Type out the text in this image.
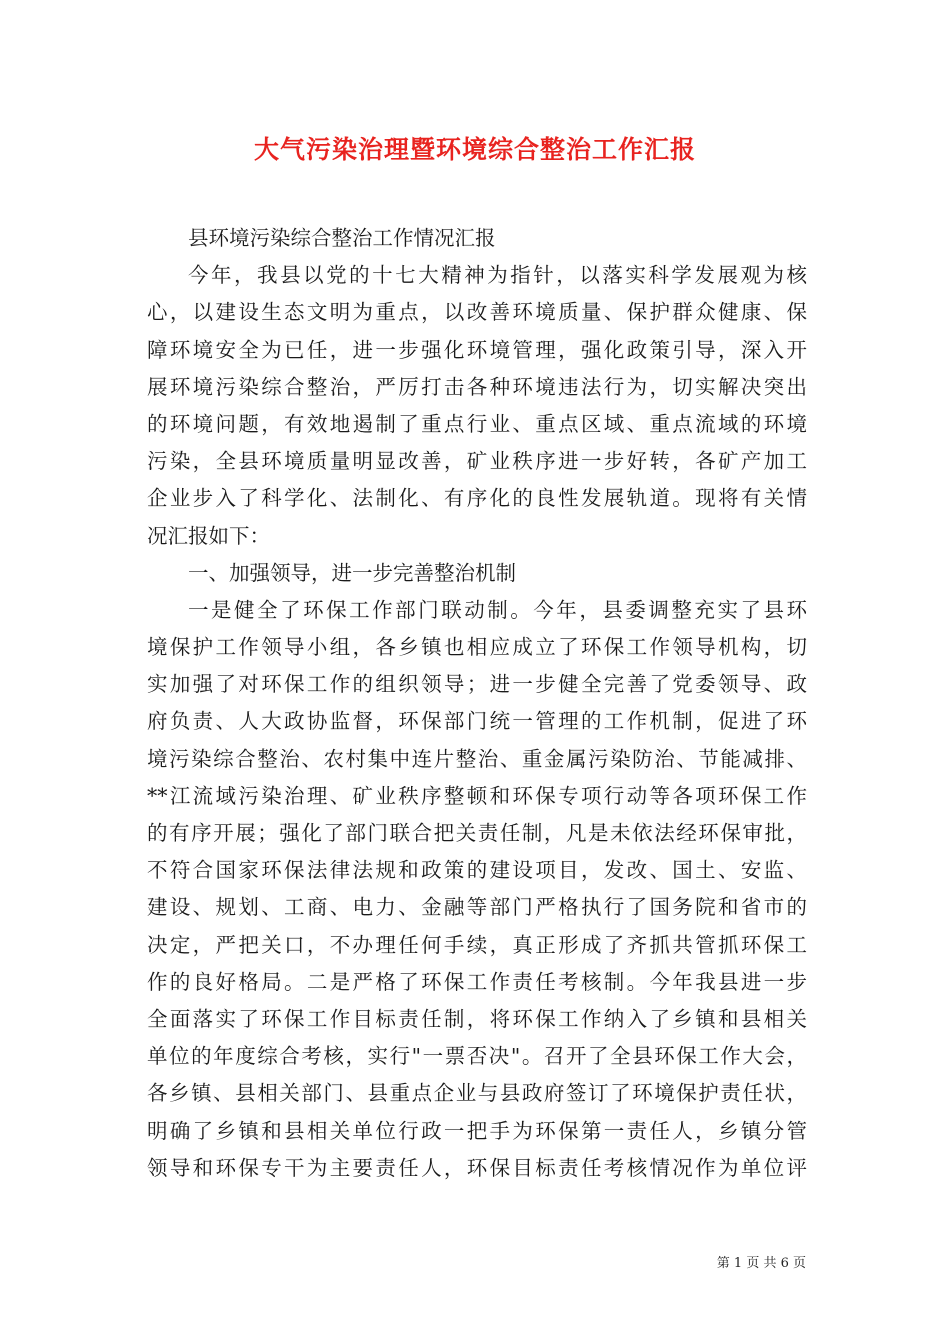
大气污染治理暨环境综合整治工作汇报
县环境污染综合整治工作情况汇报
今年，我县以党的十七大精神为指针，以落实科学发展观为核
心，以建设生态文明为重点，以改善环境质量、保护群众健康、保
障环境安全为已任，进一步强化环境管理，强化政策引导，深入开
展环境污染综合整治，严厉打击各种环境违法行为，切实解决突出
的环境问题，有效地遏制了重点行业、重点区域、重点流域的环境
污染，全县环境质量明显改善，矿业秩序进一步好转，各矿产加工
企业步入了科学化、法制化、有序化的良性发展轨道。现将有关情
况汇报如下：
一、加强领导，进一步完善整治机制
一是健全了环保工作部门联动制。今年，县委调整充实了县环
境保护工作领导小组，各乡镇也相应成立了环保工作领导机构，切
实加强了对环保工作的组织领导；进一步健全完善了党委领导、政
府负责、人大政协监督，环保部门统一管理的工作机制，促进了环
境污染综合整治、农村集中连片整治、重金属污染防治、节能减排、
**江流域污染治理、矿业秩序整顿和环保专项行动等各项环保工作
的有序开展；强化了部门联合把关责任制，凡是未依法经环保审批，
不符合国家环保法律法规和政策的建设项目，发改、国土、安监、
建设、规划、工商、电力、金融等部门严格执行了国务院和省市的
决定，严把关口，不办理任何手续，真正形成了齐抓共管抓环保工
作的良好格局。二是严格了环保工作责任考核制。今年我县进一步
全面落实了环保工作目标责任制，将环保工作纳入了乡镇和县相关
单位的年度综合考核，实行"一票否决"。召开了全县环保工作大会，
各乡镇、县相关部门、县重点企业与县政府签订了环境保护责任状，
明确了乡镇和县相关单位行政一把手为环保第一责任人，乡镇分管
领导和环保专干为主要责任人，环保目标责任考核情况作为单位评
第 1 页 共 6 页
